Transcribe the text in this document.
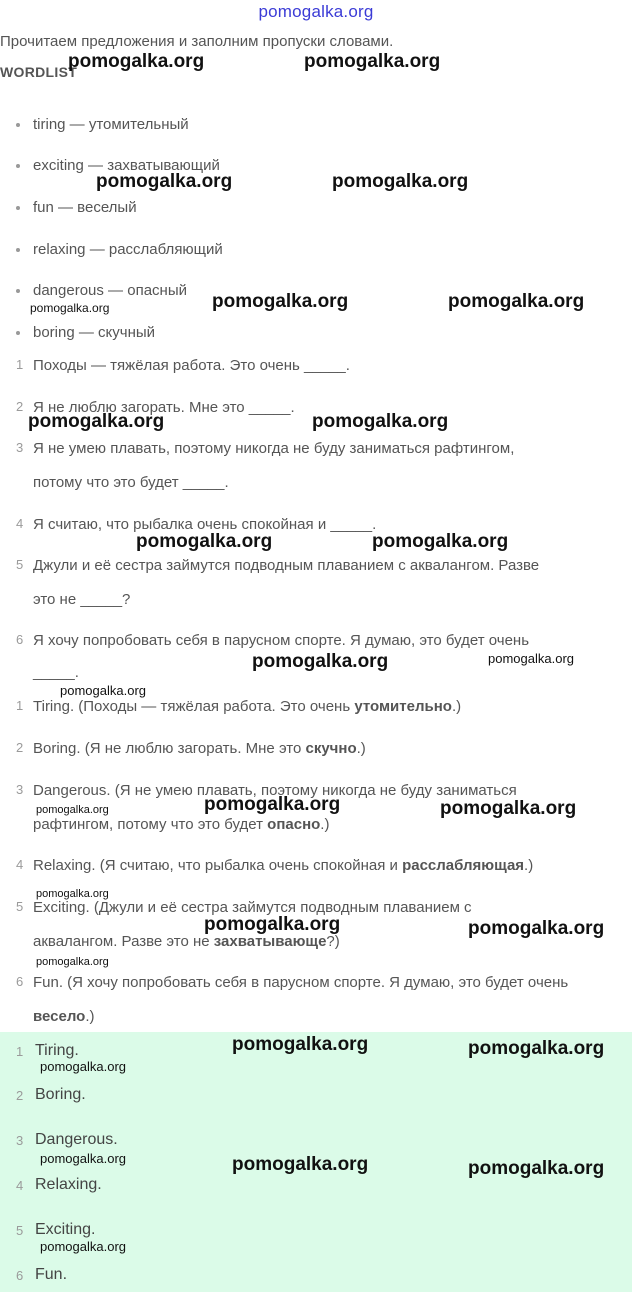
pomogalka.org
Прочитаем предложения и заполним пропуски словами.
WORDLIST
tiring — утомительный
exciting — захватывающий
fun — веселый
relaxing — расслабляющий
dangerous — опасный
boring — скучный
1 Походы — тяжёлая работа. Это очень _____.
2 Я не люблю загорать. Мне это _____.
3 Я не умею плавать, поэтому никогда не буду заниматься рафтингом,
потому что это будет _____.
4 Я считаю, что рыбалка очень спокойная и _____.
5 Джули и её сестра займутся подводным плаванием с аквалангом. Разве
это не _____?
6 Я хочу попробовать себя в парусном спорте. Я думаю, это будет очень
_____.
1 Tiring. (Походы — тяжёлая работа. Это очень утомительно.)
2 Boring. (Я не люблю загорать. Мне это скучно.)
3 Dangerous. (Я не умею плавать, поэтому никогда не буду заниматься
рафтингом, потому что это будет опасно.)
4 Relaxing. (Я считаю, что рыбалка очень спокойная и расслабляющая.)
5 Exciting. (Джули и её сестра займутся подводным плаванием с
аквалангом. Разве это не захватывающе?)
6 Fun. (Я хочу попробовать себя в парусном спорте. Я думаю, это будет очень
весело.)
1 Tiring.
2 Boring.
3 Dangerous.
4 Relaxing.
5 Exciting.
6 Fun.
pomogalka.org	pomogalka.org
pomogalka.org	pomogalka.org
pomogalka.org	pomogalka.org	pomogalka.org
pomogalka.org	pomogalka.org
pomogalka.org	pomogalka.org
pomogalka.org	pomogalka.org
pomogalka.org
pomogalka.org	pomogalka.org	pomogalka.org
pomogalka.org
pomogalka.org	pomogalka.org
pomogalka.org
pomogalka.org	pomogalka.org
pomogalka.org
pomogalka.org	pomogalka.org	pomogalka.org
pomogalka.org
